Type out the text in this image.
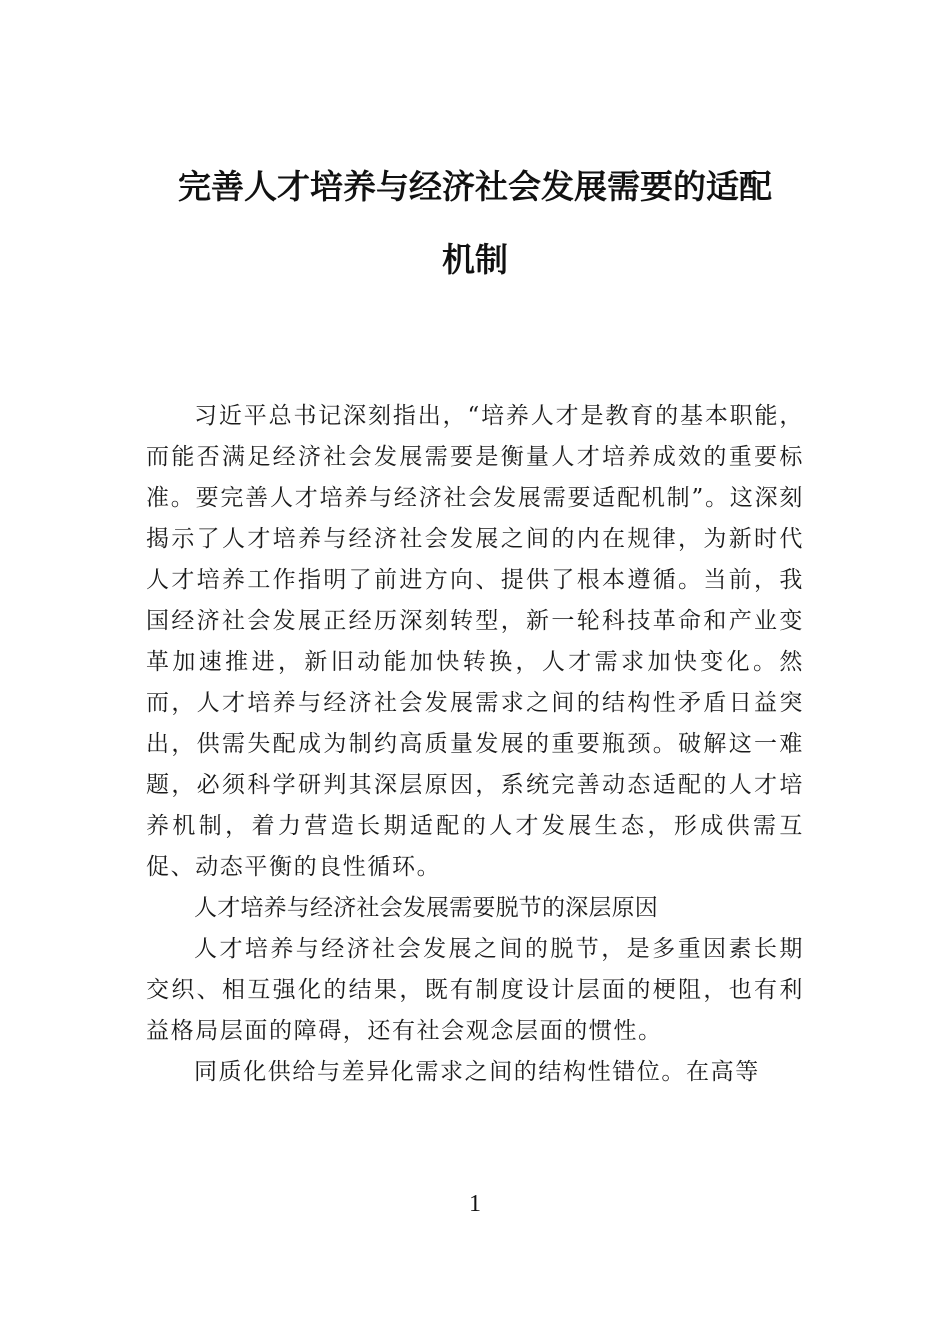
完善人才培养与经济社会发展需要的适配
机制

习近平总书记深刻指出，“培养人才是教育的基本职能，而能否满足经济社会发展需要是衡量人才培养成效的重要标准。要完善人才培养与经济社会发展需要适配机制”。这深刻揭示了人才培养与经济社会发展之间的内在规律，为新时代人才培养工作指明了前进方向、提供了根本遵循。当前，我国经济社会发展正经历深刻转型，新一轮科技革命和产业变革加速推进，新旧动能加快转换，人才需求加快变化。然而，人才培养与经济社会发展需求之间的结构性矛盾日益突出，供需失配成为制约高质量发展的重要瓶颈。破解这一难题，必须科学研判其深层原因，系统完善动态适配的人才培养机制，着力营造长期适配的人才发展生态，形成供需互促、动态平衡的良性循环。

人才培养与经济社会发展需要脱节的深层原因

人才培养与经济社会发展之间的脱节，是多重因素长期交织、相互强化的结果，既有制度设计层面的梗阻，也有利益格局层面的障碍，还有社会观念层面的惯性。

同质化供给与差异化需求之间的结构性错位。在高等

1
